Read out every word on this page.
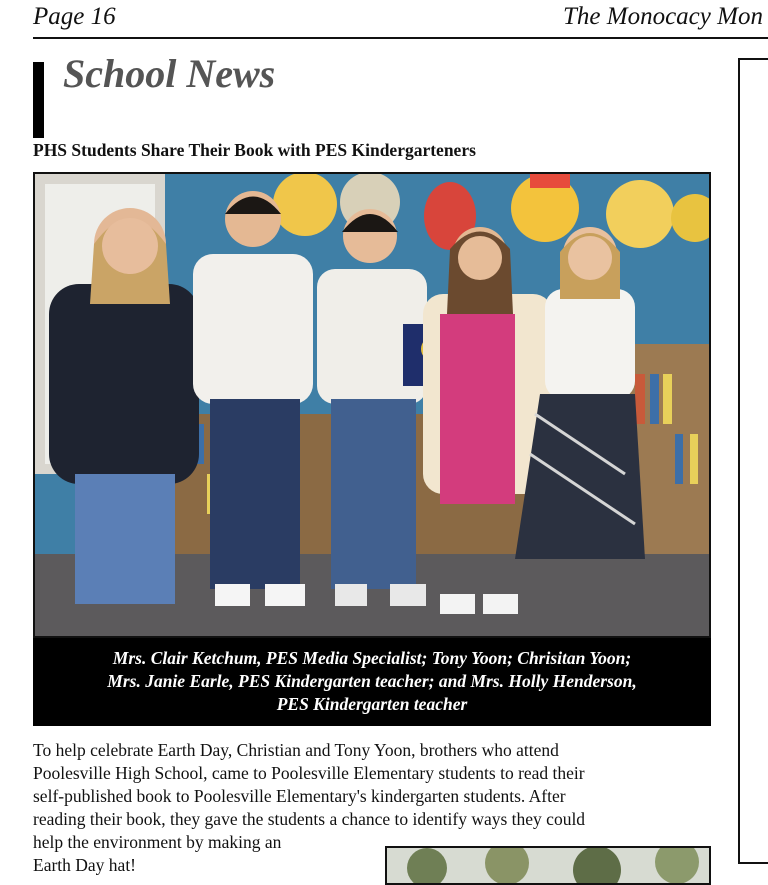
Page 16	The Monocacy Mon
School News
PHS Students Share Their Book with PES Kindergarteners
Mrs. Clair Ketchum, PES Media Specialist; Tony Yoon; Chrisitan Yoon;
Mrs. Janie Earle, PES Kindergarten teacher; and Mrs. Holly Henderson,
PES Kindergarten teacher
To help celebrate Earth Day, Christian and Tony Yoon, brothers who attend
Poolesville High School, came to Poolesville Elementary students to read their
self-published book to Poolesville Elementary's kindergarten students. After
reading their book, they gave the students a chance to identify ways they could
help the environment by making an
Earth Day hat!
